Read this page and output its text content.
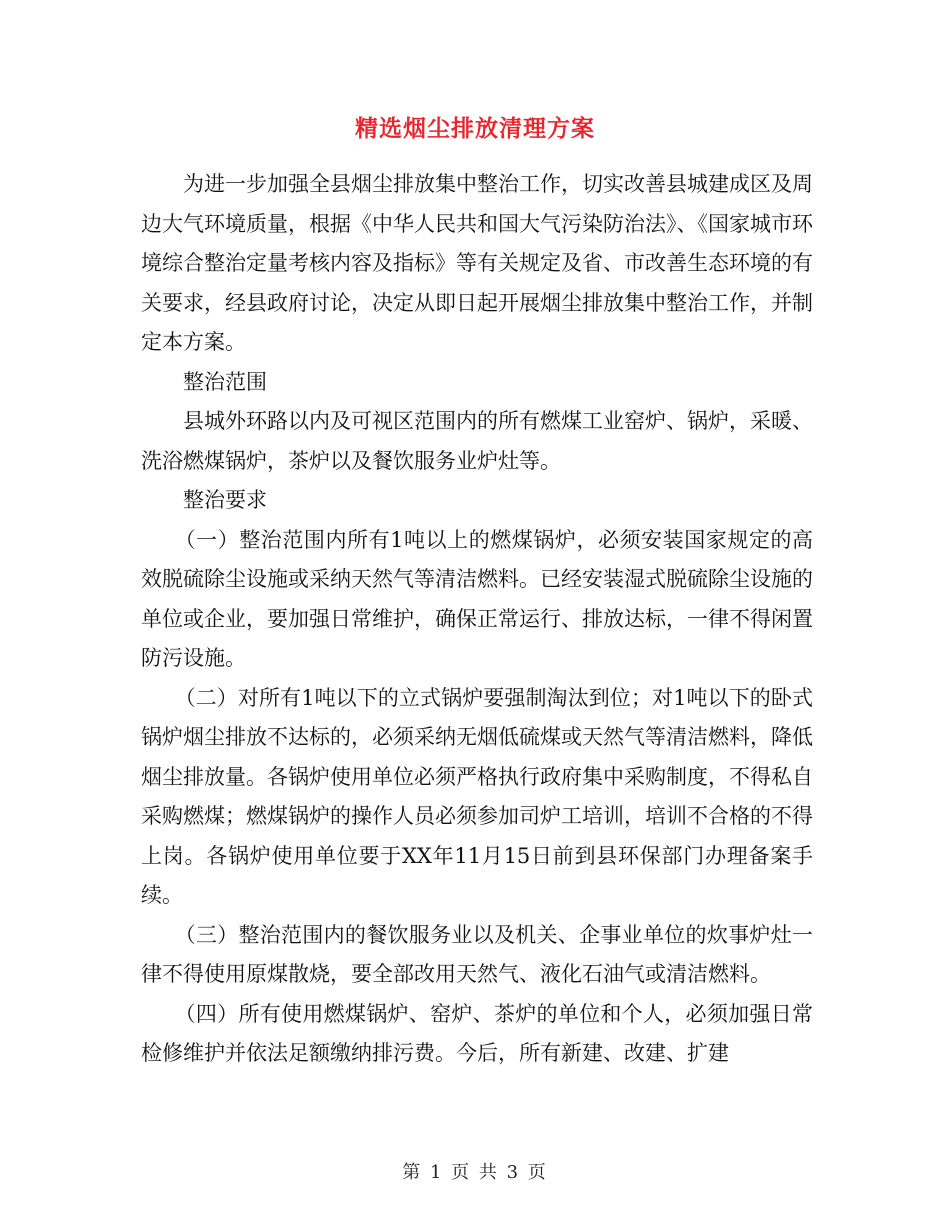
精选烟尘排放清理方案

为进一步加强全县烟尘排放集中整治工作，切实改善县城建成区及周边大气环境质量，根据《中华人民共和国大气污染防治法》、《国家城市环境综合整治定量考核内容及指标》等有关规定及省、市改善生态环境的有关要求，经县政府讨论，决定从即日起开展烟尘排放集中整治工作，并制定本方案。

整治范围

县城外环路以内及可视区范围内的所有燃煤工业窑炉、锅炉，采暖、洗浴燃煤锅炉，茶炉以及餐饮服务业炉灶等。

整治要求

（一）整治范围内所有1吨以上的燃煤锅炉，必须安装国家规定的高效脱硫除尘设施或采纳天然气等清洁燃料。已经安装湿式脱硫除尘设施的单位或企业，要加强日常维护，确保正常运行、排放达标，一律不得闲置防污设施。

（二）对所有1吨以下的立式锅炉要强制淘汰到位；对1吨以下的卧式锅炉烟尘排放不达标的，必须采纳无烟低硫煤或天然气等清洁燃料，降低烟尘排放量。各锅炉使用单位必须严格执行政府集中采购制度，不得私自采购燃煤；燃煤锅炉的操作人员必须参加司炉工培训，培训不合格的不得上岗。各锅炉使用单位要于XX年11月15日前到县环保部门办理备案手续。

（三）整治范围内的餐饮服务业以及机关、企事业单位的炊事炉灶一律不得使用原煤散烧，要全部改用天然气、液化石油气或清洁燃料。

（四）所有使用燃煤锅炉、窑炉、茶炉的单位和个人，必须加强日常检修维护并依法足额缴纳排污费。今后，所有新建、改建、扩建

第 1 页 共 3 页
